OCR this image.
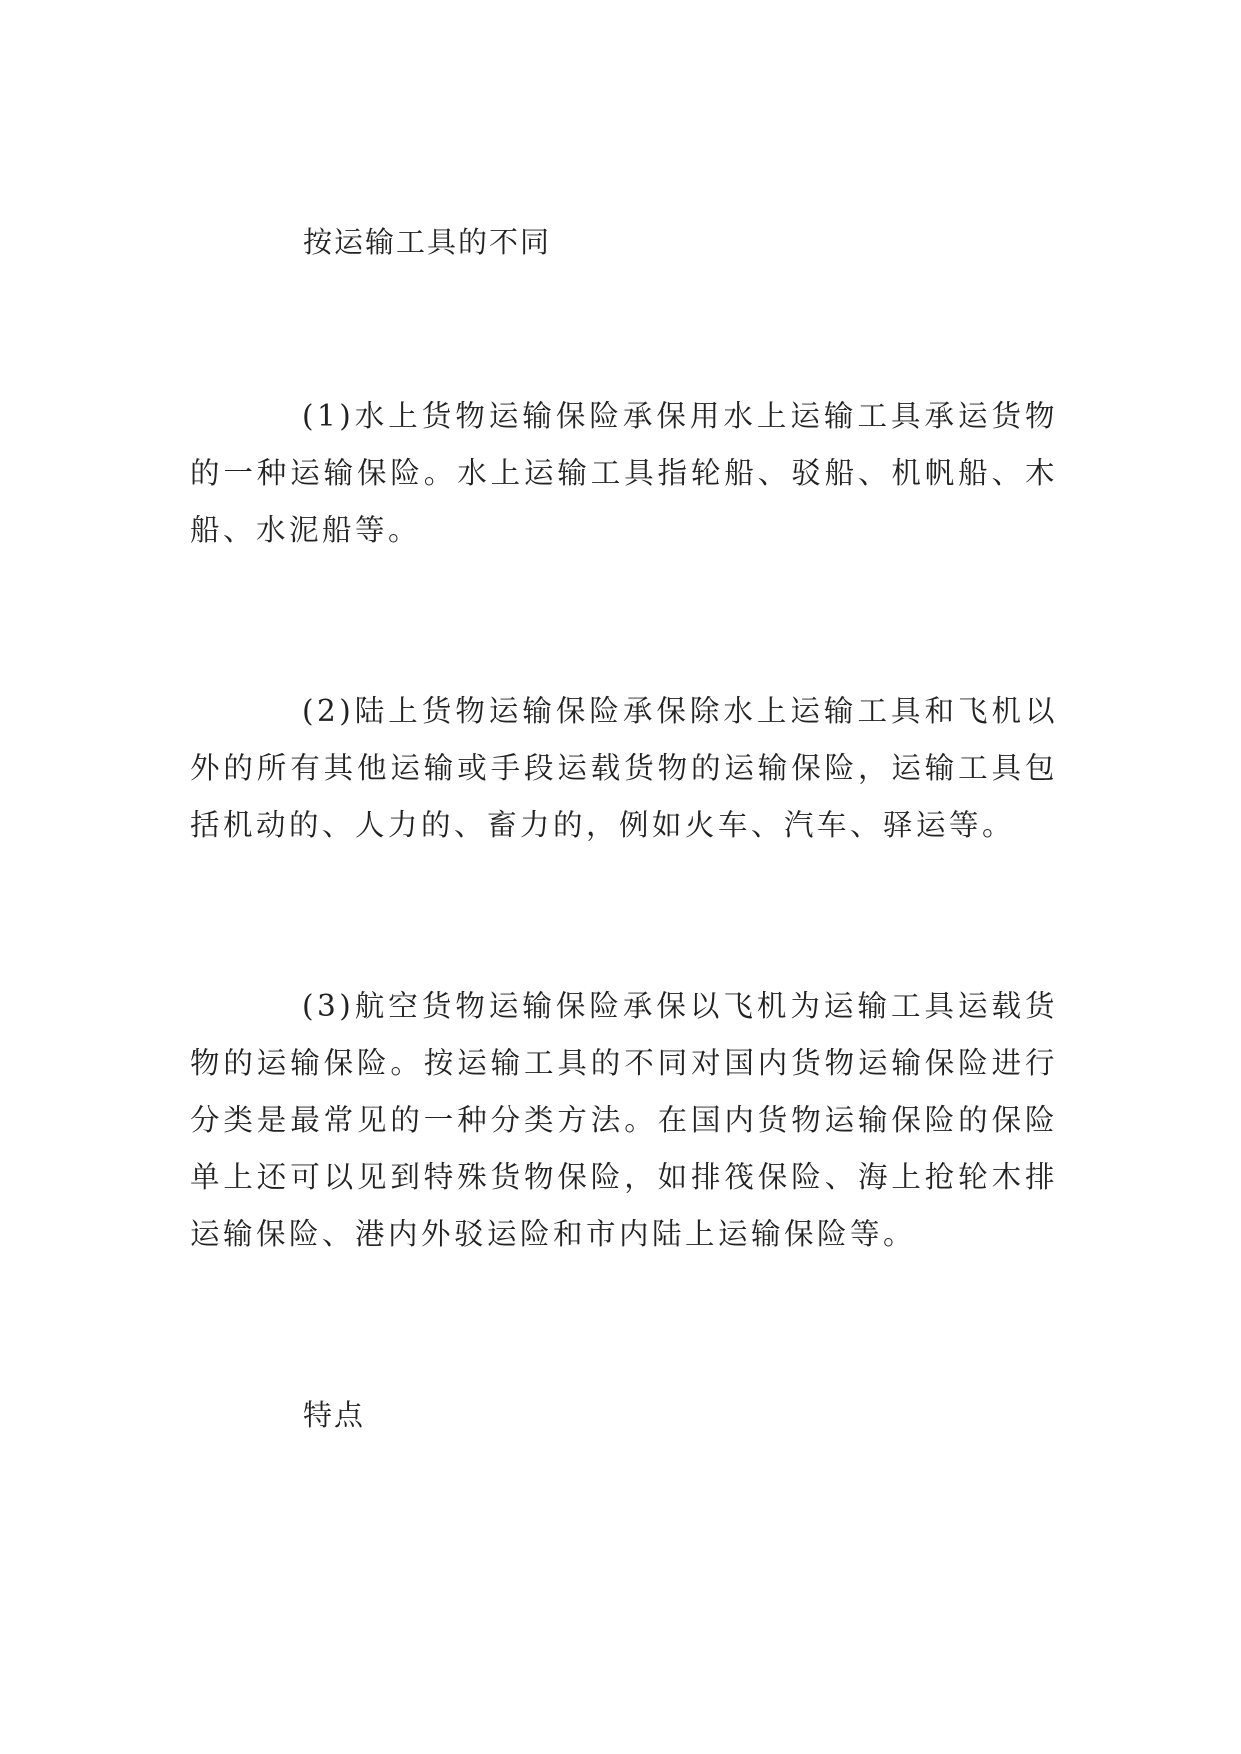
按运输工具的不同

(1)水上货物运输保险承保用水上运输工具承运货物的一种运输保险。水上运输工具指轮船、驳船、机帆船、木船、水泥船等。

(2)陆上货物运输保险承保除水上运输工具和飞机以外的所有其他运输或手段运载货物的运输保险，运输工具包括机动的、人力的、畜力的，例如火车、汽车、驿运等。

(3)航空货物运输保险承保以飞机为运输工具运载货物的运输保险。按运输工具的不同对国内货物运输保险进行分类是最常见的一种分类方法。在国内货物运输保险的保险单上还可以见到特殊货物保险，如排筏保险、海上抢轮木排运输保险、港内外驳运险和市内陆上运输保险等。

特点
